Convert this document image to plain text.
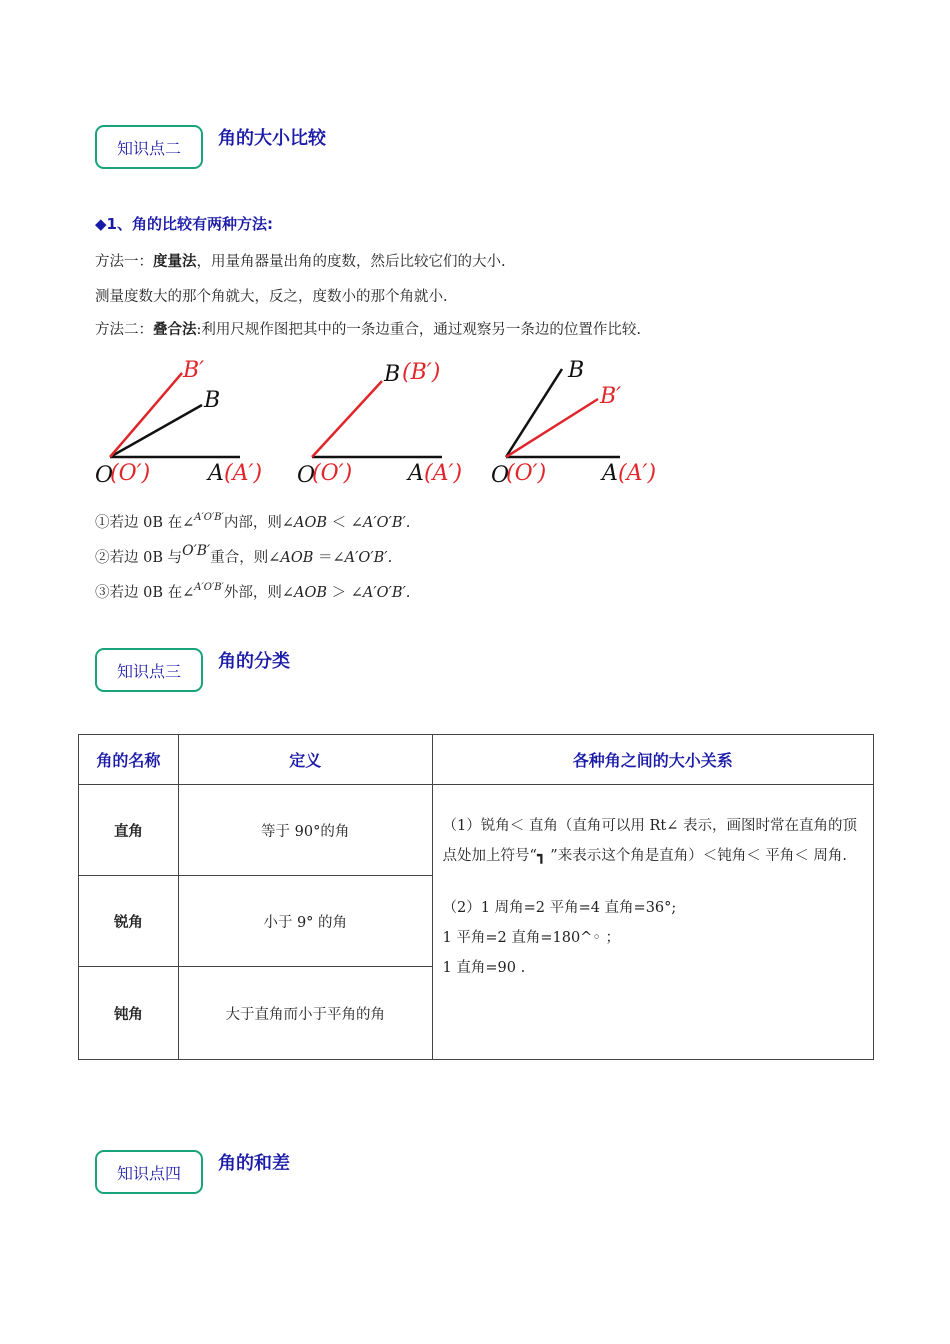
知识点二 角的大小比较
◆1、角的比较有两种方法:
方法一：度量法，用量角器量出角的度数，然后比较它们的大小.
测量度数大的那个角就大，反之，度数小的那个角就小.
方法二：叠合法:利用尺规作图把其中的一条边重合，通过观察另一条边的位置作比较.
B′
B
O
(O′)	A (A′)
B (B′)
O
(O′)	A (A′)
B
B′
O
(O′)	A (A′)
①若边 0B 在∠$^{A'O'B'}$内部，则∠AOB ＜ ∠A′O′B′.
②若边 0B 与O′B′重合，则∠AOB ＝∠A′O′B′.
③若边 0B 在∠$^{A'O'B'}$外部，则∠AOB ＞ ∠A′O′B′.
知识点三 角的分类
角的名称	定义	各种角之间的大小关系
直角	等于 90°的角	（1）锐角＜ 直角（直角可以用 Rt∠ 表示，画图时常在直角的顶点处加上符号“┓ ”来表示这个角是直角）＜钝角＜ 平角＜ 周角.
（2）1 周角=2 平角=4 直角=36°;
1 平角=2 直角=180^◦ ；
1 直角=90 .

锐角	小于 9° 的角	
钝角	大于直角而小于平角的角	
知识点四 角的和差
